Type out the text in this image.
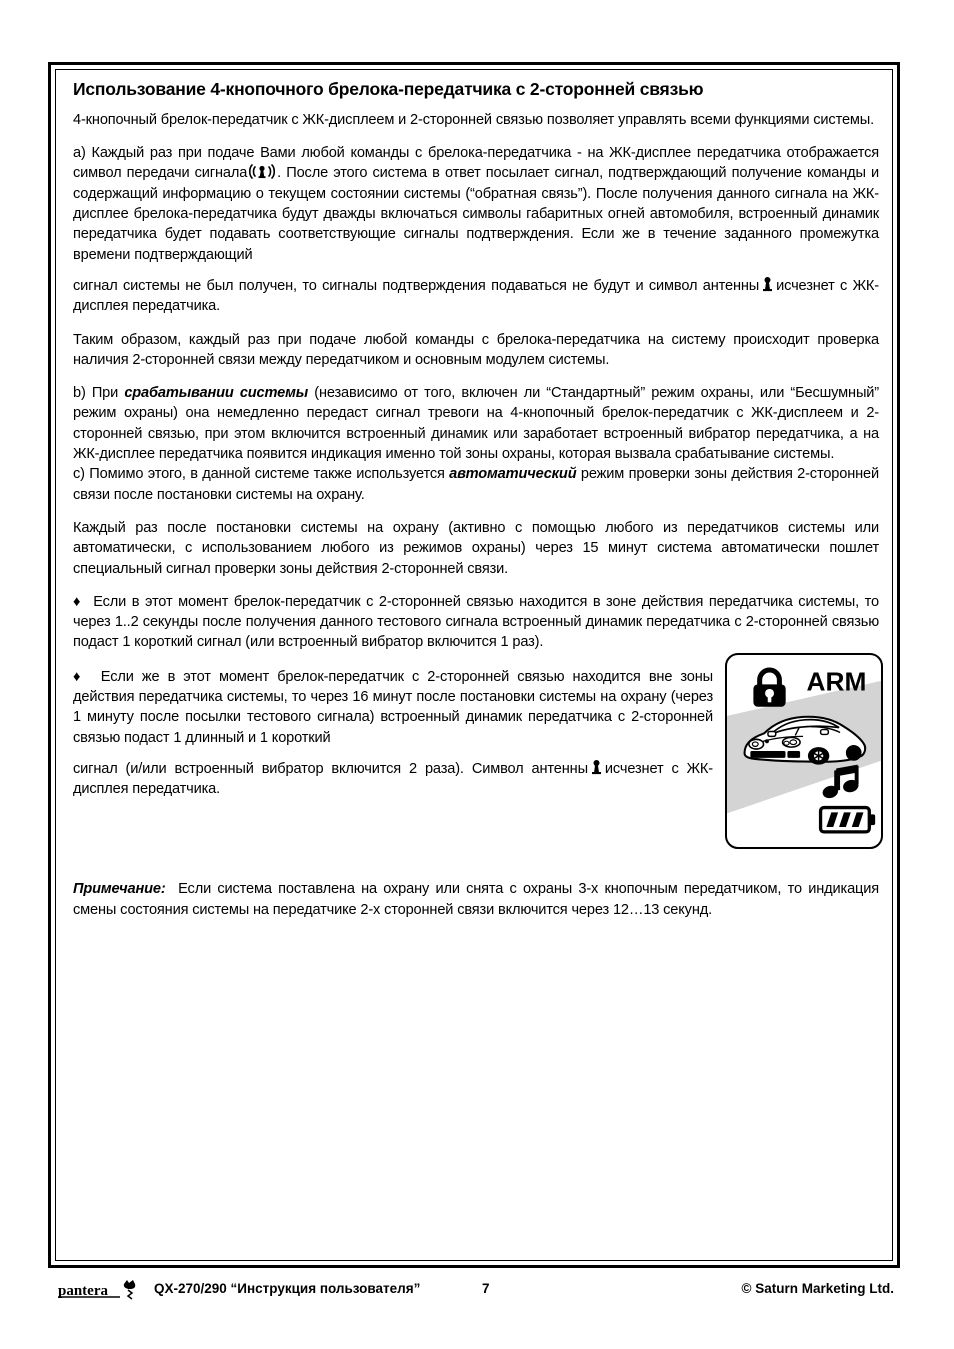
Использование 4-кнопочного брелока-передатчика с 2-сторонней связью

4-кнопочный брелок-передатчик с ЖК-дисплеем и 2-сторонней связью позволяет управлять всеми функциями системы.

a) Каждый раз при подаче Вами любой команды с брелока-передатчика - на ЖК-дисплее передатчика отображается символ передачи сигнала . После этого система в ответ посылает сигнал, подтверждающий получение команды и содержащий информацию о текущем состоянии системы (“обратная связь”). После получения данного сигнала на ЖК-дисплее брелока-передатчика будут дважды включаться символы габаритных огней автомобиля, встроенный динамик передатчика будет подавать соответствующие сигналы подтверждения. Если же в течение заданного промежутка времени подтверждающий

сигнал системы не был получен, то сигналы подтверждения подаваться не будут и символ антенны исчезнет с ЖК-дисплея передатчика.

Таким образом, каждый раз при подаче любой команды с брелока-передатчика на систему происходит проверка наличия 2-сторонней связи между передатчиком и основным модулем системы.

b) При срабатывании системы (независимо от того, включен ли “Стандартный” режим охраны, или “Бесшумный” режим охраны) она немедленно передаст сигнал тревоги на 4-кнопочный брелок-передатчик с ЖК-дисплеем и 2-сторонней связью, при этом включится встроенный динамик или заработает встроенный вибратор передатчика, а на ЖК-дисплее передатчика появится индикация именно той зоны охраны, которая вызвала срабатывание системы.

c) Помимо этого, в данной системе также используется автоматический режим проверки зоны действия 2-сторонней связи после постановки системы на охрану.

Каждый раз после постановки системы на охрану (активно с помощью любого из передатчиков системы или автоматически, с использованием любого из режимов охраны) через 15 минут система автоматически пошлет специальный сигнал проверки зоны действия 2-сторонней связи.

♦ Если в этот момент брелок-передатчик с 2-сторонней связью находится в зоне действия передатчика системы, то через 1..2 секунды после получения данного тестового сигнала встроенный динамик передатчика с 2-сторонней связью подаст 1 короткий сигнал (или встроенный вибратор включится 1 раз).

♦ Если же в этот момент брелок-передатчик с 2-сторонней связью находится вне зоны действия передатчика системы, то через 16 минут после постановки системы на охрану (через 1 минуту после посылки тестового сигнала) встроенный динамик передатчика с 2-сторонней связью подаст 1 длинный и 1 короткий

сигнал (и/или встроенный вибратор включится 2 раза). Символ антенны исчезнет с ЖК-дисплея передатчика.

Примечание: Если система поставлена на охрану или снята с охраны 3-х кнопочным передатчиком, то индикация смены состояния системы на передатчике 2-х сторонней связи включится через 12…13 секунд.

ARM
pantera	QX-270/290 “Инструкция пользователя”	7	© Saturn Marketing Ltd.
